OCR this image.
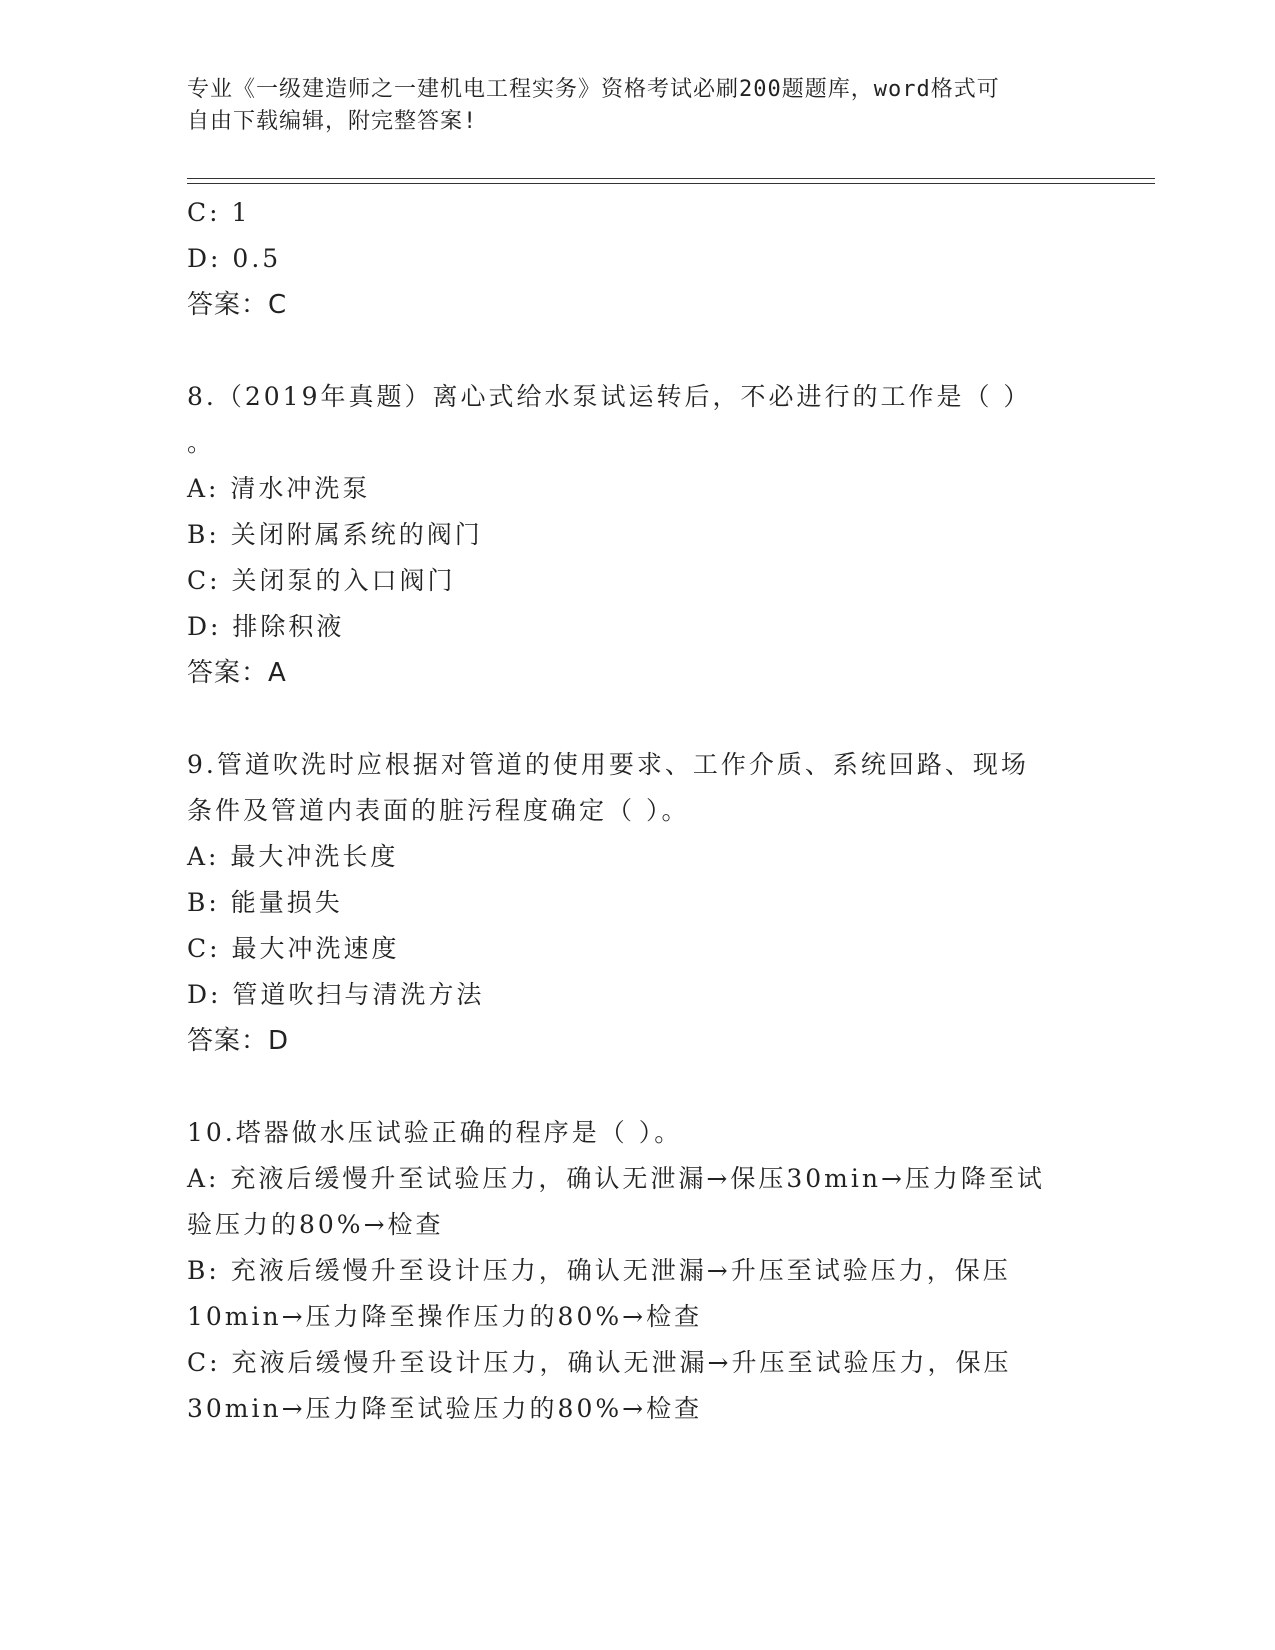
专业《一级建造师之一建机电工程实务》资格考试必刷200题题库，word格式可
自由下载编辑，附完整答案!
C: 1
D: 0.5
答案：C
8.（2019年真题）离心式给水泵试运转后，不必进行的工作是（ ）
。
A: 清水冲洗泵
B: 关闭附属系统的阀门
C: 关闭泵的入口阀门
D: 排除积液
答案：A
9.管道吹洗时应根据对管道的使用要求、工作介质、系统回路、现场
条件及管道内表面的脏污程度确定（ ）。
A: 最大冲洗长度
B: 能量损失
C: 最大冲洗速度
D: 管道吹扫与清洗方法
答案：D
10.塔器做水压试验正确的程序是（ ）。
A: 充液后缓慢升至试验压力，确认无泄漏→保压30min→压力降至试
验压力的80%→检查
B: 充液后缓慢升至设计压力，确认无泄漏→升压至试验压力，保压
10min→压力降至操作压力的80%→检查
C: 充液后缓慢升至设计压力，确认无泄漏→升压至试验压力，保压
30min→压力降至试验压力的80%→检查
